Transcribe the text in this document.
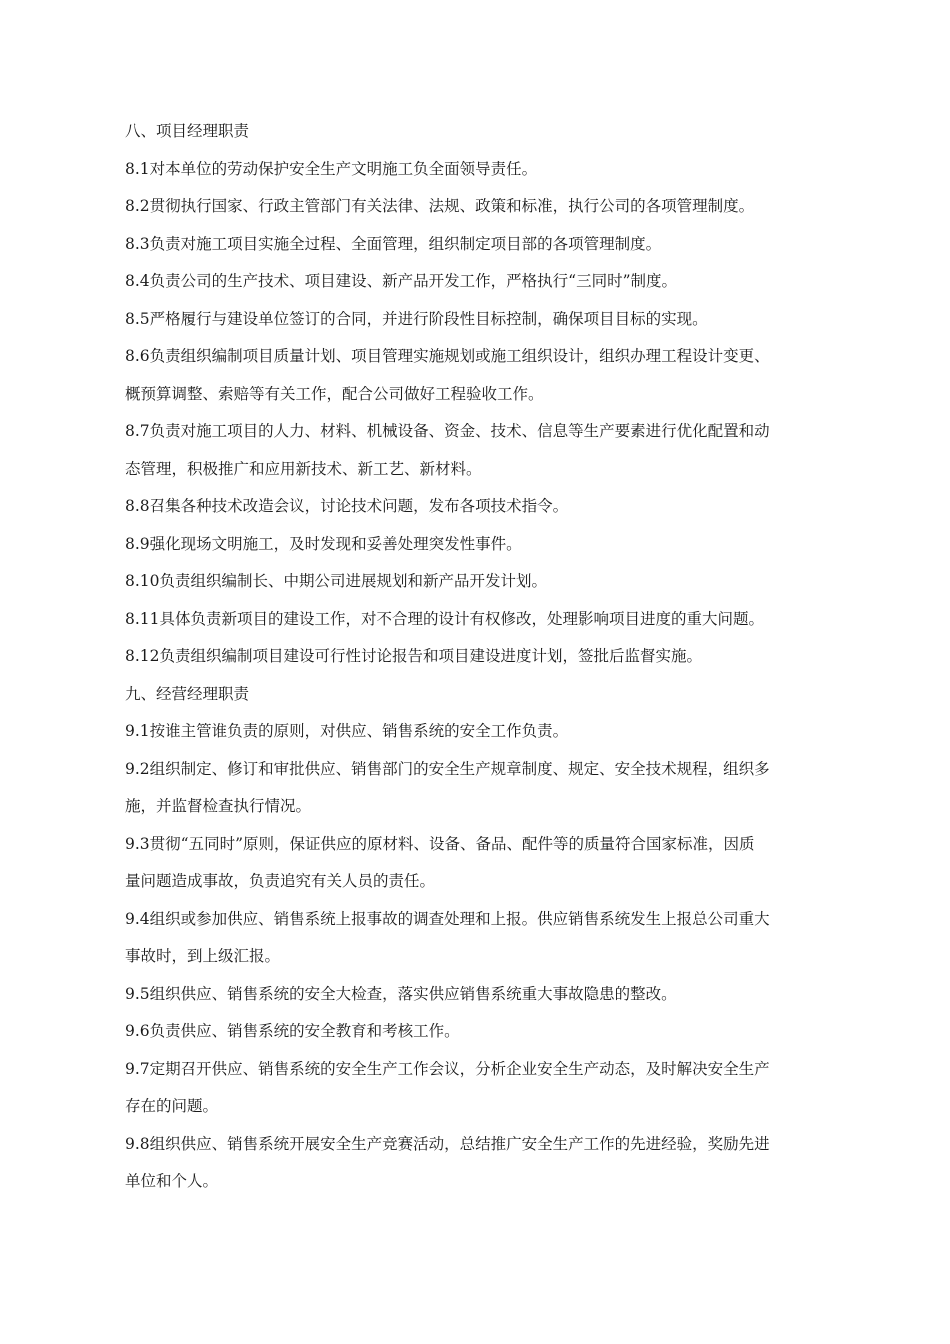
八、项目经理职责
8.1对本单位的劳动保护安全生产文明施工负全面领导责任。
8.2贯彻执行国家、行政主管部门有关法律、法规、政策和标准，执行公司的各项管理制度。
8.3负责对施工项目实施全过程、全面管理，组织制定项目部的各项管理制度。
8.4负责公司的生产技术、项目建设、新产品开发工作，严格执行“三同时”制度。
8.5严格履行与建设单位签订的合同，并进行阶段性目标控制，确保项目目标的实现。
8.6负责组织编制项目质量计划、项目管理实施规划或施工组织设计，组织办理工程设计变更、
概预算调整、索赔等有关工作，配合公司做好工程验收工作。
8.7负责对施工项目的人力、材料、机械设备、资金、技术、信息等生产要素进行优化配置和动
态管理，积极推广和应用新技术、新工艺、新材料。
8.8召集各种技术改造会议，讨论技术问题，发布各项技术指令。
8.9强化现场文明施工，及时发现和妥善处理突发性事件。
8.10负责组织编制长、中期公司进展规划和新产品开发计划。
8.11具体负责新项目的建设工作，对不合理的设计有权修改，处理影响项目进度的重大问题。
8.12负责组织编制项目建设可行性讨论报告和项目建设进度计划，签批后监督实施。
九、经营经理职责
9.1按谁主管谁负责的原则，对供应、销售系统的安全工作负责。
9.2组织制定、修订和审批供应、销售部门的安全生产规章制度、规定、安全技术规程，组织多
施，并监督检查执行情况。
9.3贯彻“五同时”原则，保证供应的原材料、设备、备品、配件等的质量符合国家标准，因质
量问题造成事故，负责追究有关人员的责任。
9.4组织或参加供应、销售系统上报事故的调查处理和上报。供应销售系统发生上报总公司重大
事故时，到上级汇报。
9.5组织供应、销售系统的安全大检查，落实供应销售系统重大事故隐患的整改。
9.6负责供应、销售系统的安全教育和考核工作。
9.7定期召开供应、销售系统的安全生产工作会议，分析企业安全生产动态，及时解决安全生产
存在的问题。
9.8组织供应、销售系统开展安全生产竞赛活动，总结推广安全生产工作的先进经验，奖励先进
单位和个人。
